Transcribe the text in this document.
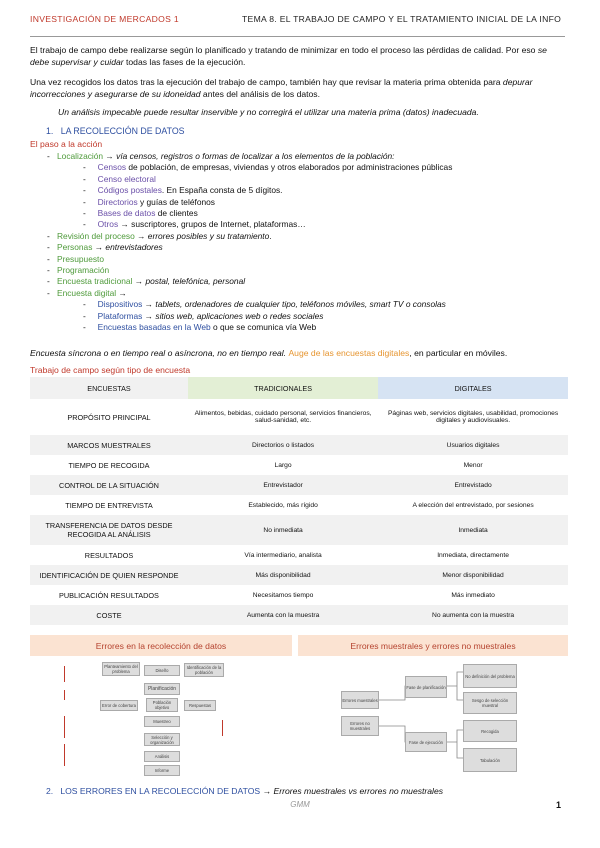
INVESTIGACIÓN DE MERCADOS 1	TEMA 8. EL TRABAJO DE CAMPO Y EL TRATAMIENTO INICIAL DE LA INFO

El trabajo de campo debe realizarse según lo planificado y tratando de minimizar en todo el proceso las pérdidas de calidad. Por eso se debe supervisar y cuidar todas las fases de la ejecución.

Una vez recogidos los datos tras la ejecución del trabajo de campo, también hay que revisar la materia prima obtenida para depurar incorrecciones y asegurarse de su idoneidad antes del análisis de los datos.

Un análisis impecable puede resultar inservible y no corregirá el utilizar una materia prima (datos) inadecuada.

1. LA RECOLECCIÓN DE DATOS
El paso a la acción
- Localización → vía censos, registros o formas de localizar a los elementos de la población:
- Censos de población, de empresas, viviendas y otros elaborados por administraciones públicas
- Censo electoral
- Códigos postales. En España consta de 5 dígitos.
- Directorios y guías de teléfonos
- Bases de datos de clientes
- Otros → suscriptores, grupos de Internet, plataformas…
- Revisión del proceso → errores posibles y su tratamiento.
- Personas → entrevistadores
- Presupuesto
- Programación
- Encuesta tradicional → postal, telefónica, personal
- Encuesta digital →
- Dispositivos → tablets, ordenadores de cualquier tipo, teléfonos móviles, smart TV o consolas
- Plataformas → sitios web, aplicaciones web o redes sociales
- Encuestas basadas en la Web o que se comunica vía Web

Encuesta síncrona o en tiempo real o asíncrona, no en tiempo real. Auge de las encuestas digitales, en particular en móviles.

Trabajo de campo según tipo de encuesta
ENCUESTAS	TRADICIONALES	DIGITALES
PROPÓSITO PRINCIPAL	Alimentos, bebidas, cuidado personal, servicios financieros, salud-sanidad, etc.	Páginas web, servicios digitales, usabilidad, promociones digitales y audiovisuales.
MARCOS MUESTRALES	Directorios o listados	Usuarios digitales
TIEMPO DE RECOGIDA	Largo	Menor
CONTROL DE LA SITUACIÓN	Entrevistador	Entrevistado
TIEMPO DE ENTREVISTA	Establecido, más rígido	A elección del entrevistado, por sesiones
TRANSFERENCIA DE DATOS DESDE RECOGIDA AL ANÁLISIS	No inmediata	Inmediata
RESULTADOS	Vía intermediario, analista	Inmediata, directamente
IDENTIFICACIÓN DE QUIEN RESPONDE	Más disponibilidad	Menor disponibilidad
PUBLICACIÓN RESULTADOS	Necesitamos tiempo	Más inmediato
COSTE	Aumenta con la muestra	No aumenta con la muestra
Errores en la recolección de datos	Errores muestrales y errores no muestrales
Planteamiento del problema	Diseño
Identificación de la población
Planificación
Error de cobertura
Población objetivo
Muestreo
Respuestas
Selección y organización
Análisis
Informe
Errores muestrales
Errores no muestrales
Fase de planificación
Fase de ejecución
No definición del problema
Sesgo de selección muestral
Recogida
Tabulación
2. LOS ERRORES EN LA RECOLECCIÓN DE DATOS → Errores muestrales vs errores no muestrales
GMM	1
